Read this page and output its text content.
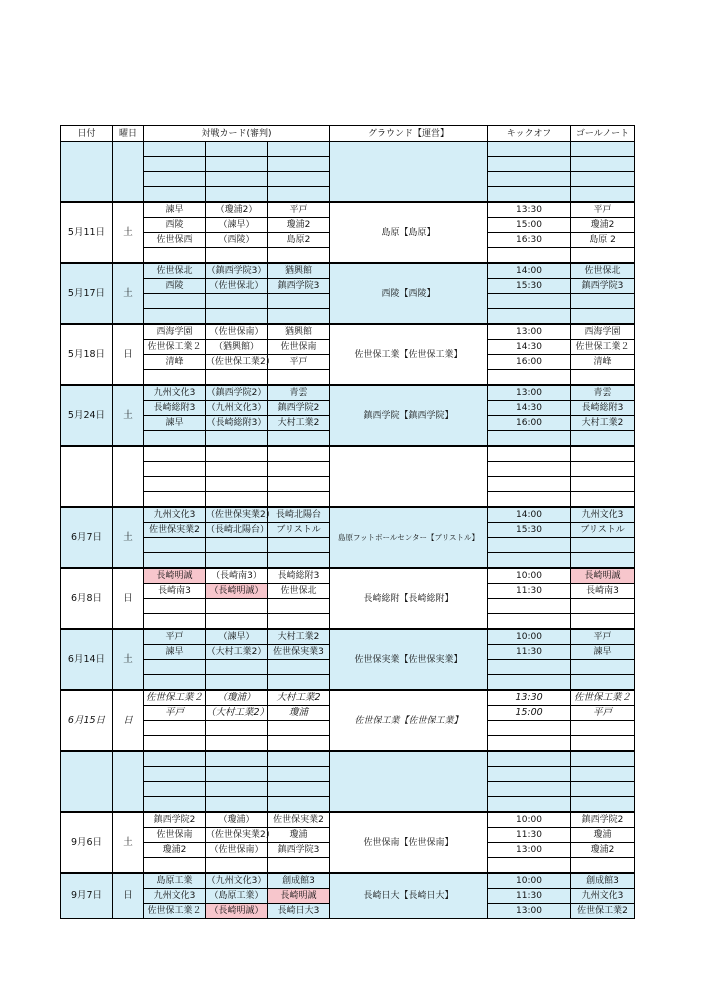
日付	曜日	対戦カード(審判)			グラウンド【運営】	キックオフ	ゴールノート

5月11日	土	諫早	（瓊浦2）	平戸	島原【島原】	13:30	平戸
		西陵	（諫早）	瓊浦2		15:00	瓊浦2
		佐世保西	（西陵）	島原2		16:30	島原 2

5月17日	土	佐世保北	（鎮西学院3）	猶興館	西陵【西陵】	14:00	佐世保北
		西陵	（佐世保北）	鎮西学院3		15:30	鎮西学院3

5月18日	日	西海学園	（佐世保南）	猶興館	佐世保工業【佐世保工業】	13:00	西海学園
		佐世保工業２	（猶興館）	佐世保南		14:30	佐世保工業２
		清峰	（佐世保工業2）	平戸		16:00	清峰

5月24日	土	九州文化3	（鎮西学院2）	青雲	鎮西学院【鎮西学院】	13:00	青雲
		長崎総附3	（九州文化3）	鎮西学院2		14:30	長崎総附3
		諫早	（長崎総附3）	大村工業2		16:00	大村工業2

6月7日	土	九州文化3	（佐世保実業2）	長崎北陽台	島原フットボールセンター【ブリストル】	14:00	九州文化3
		佐世保実業2	（長崎北陽台）	ブリストル		15:30	ブリストル

6月8日	日	長崎明誠	（長崎南3）	長崎総附3	長崎総附【長崎総附】	10:00	長崎明誠
		長崎南3	（長崎明誠）	佐世保北		11:30	長崎南3

6月14日	土	平戸	（諫早）	大村工業2	佐世保実業【佐世保実業】	10:00	平戸
		諫早	（大村工業2）	佐世保実業3		11:30	諫早

6月15日	日	佐世保工業２	（瓊浦）	大村工業2	佐世保工業【佐世保工業】	13:30	佐世保工業２
		平戸	（大村工業2）	瓊浦		15:00	平戸

9月6日	土	鎮西学院2	（瓊浦）	佐世保実業2	佐世保南【佐世保南】	10:00	鎮西学院2
		佐世保南	（佐世保実業2）	瓊浦		11:30	瓊浦
		瓊浦2	（佐世保南）	鎮西学院3		13:00	瓊浦2

9月7日	日	島原工業	（九州文化3）	創成館3	長崎日大【長崎日大】	10:00	創成館3
		九州文化3	（島原工業）	長崎明誠		11:30	九州文化3
		佐世保工業２	（長崎明誠）	長崎日大3		13:00	佐世保工業2
